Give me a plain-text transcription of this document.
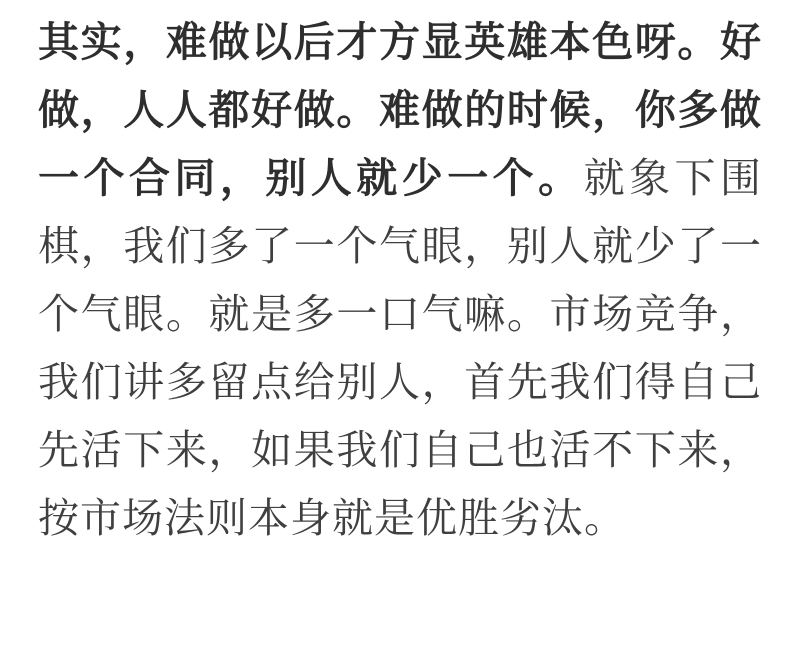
其实，难做以后才方显英雄本色呀。好做，人人都好做。难做的时候，你多做一个合同，别人就少一个。就象下围棋，我们多了一个气眼，别人就少了一个气眼。就是多一口气嘛。市场竞争，我们讲多留点给别人，首先我们得自己先活下来，如果我们自己也活不下来，按市场法则本身就是优胜劣汰。
